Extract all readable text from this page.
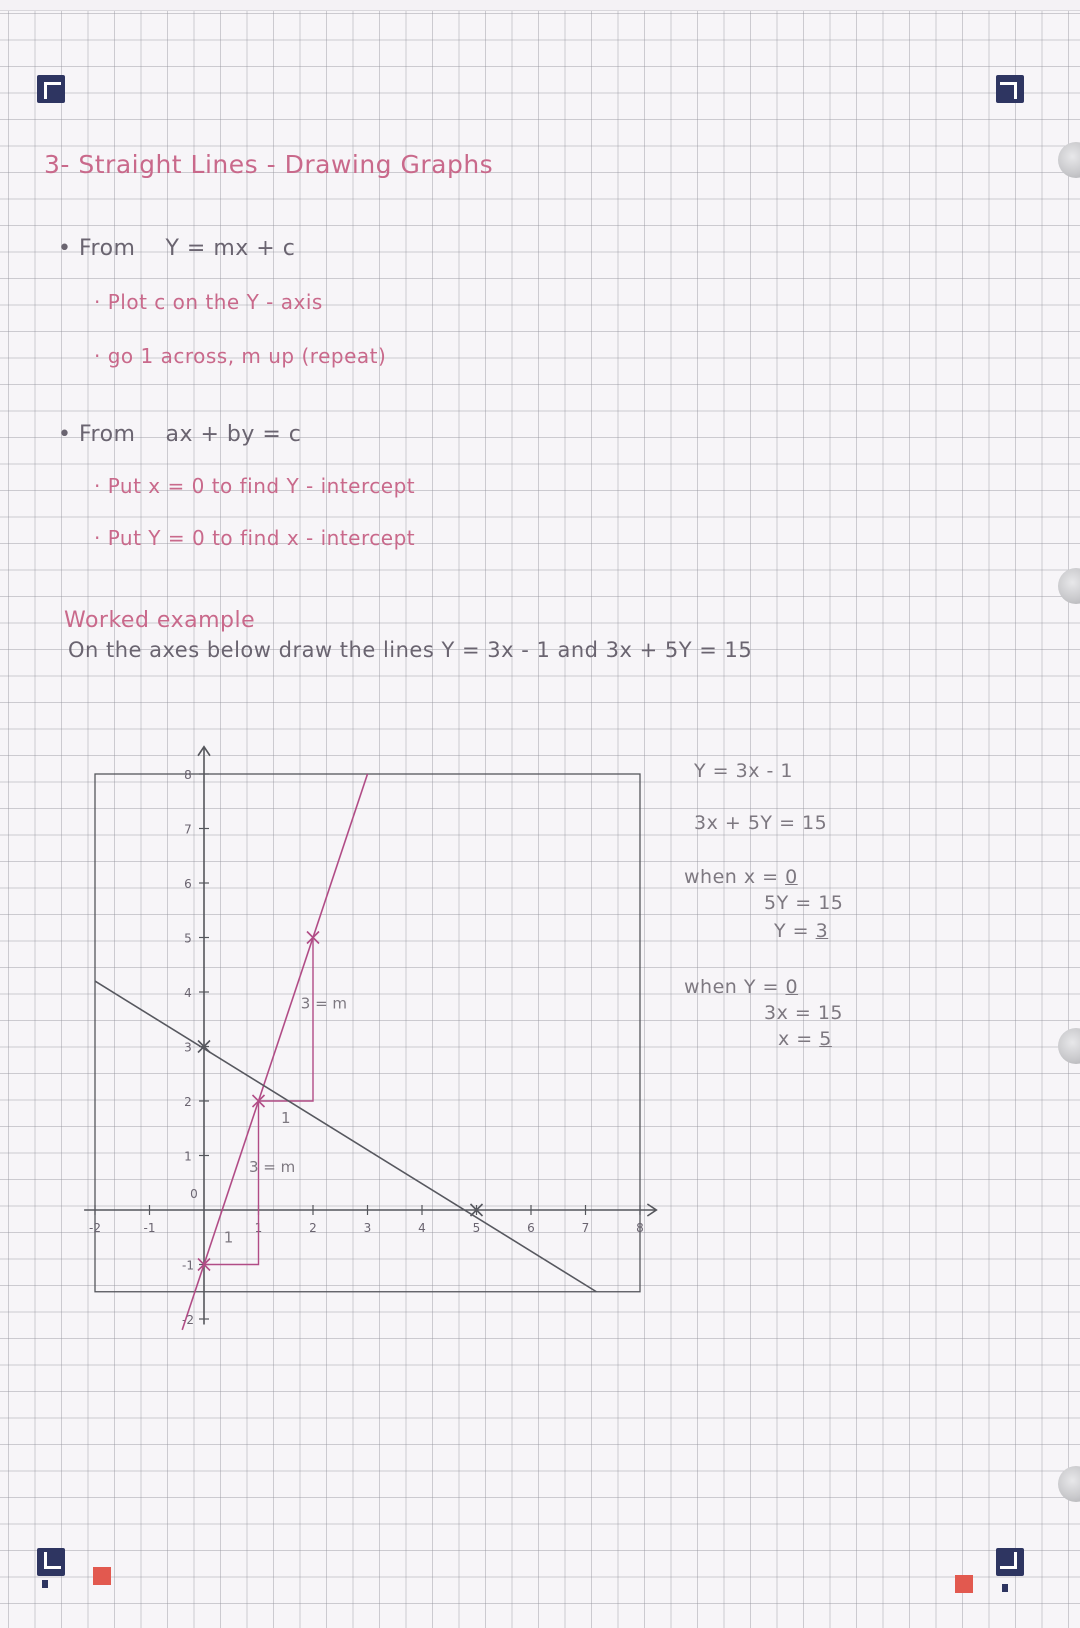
3- Straight Lines - Drawing Graphs
• From Y = mx + c
· Plot c on the Y - axis
· go 1 across, m up (repeat)
• From ax + by = c
· Put x = 0 to find Y - intercept
· Put Y = 0 to find x - intercept
Worked example
On the axes below draw the lines Y = 3x - 1 and 3x + 5Y = 15
Y = 3x - 1
3x + 5Y = 15
when x = 0
5Y = 15
Y = 3
when Y = 0
3x = 15
x = 5
-2	-1	1	2	3	4	5	6	7	8
-2
-1
1
2
3
4
5
6
7
8
0
3 = m
3 = m
1
1
